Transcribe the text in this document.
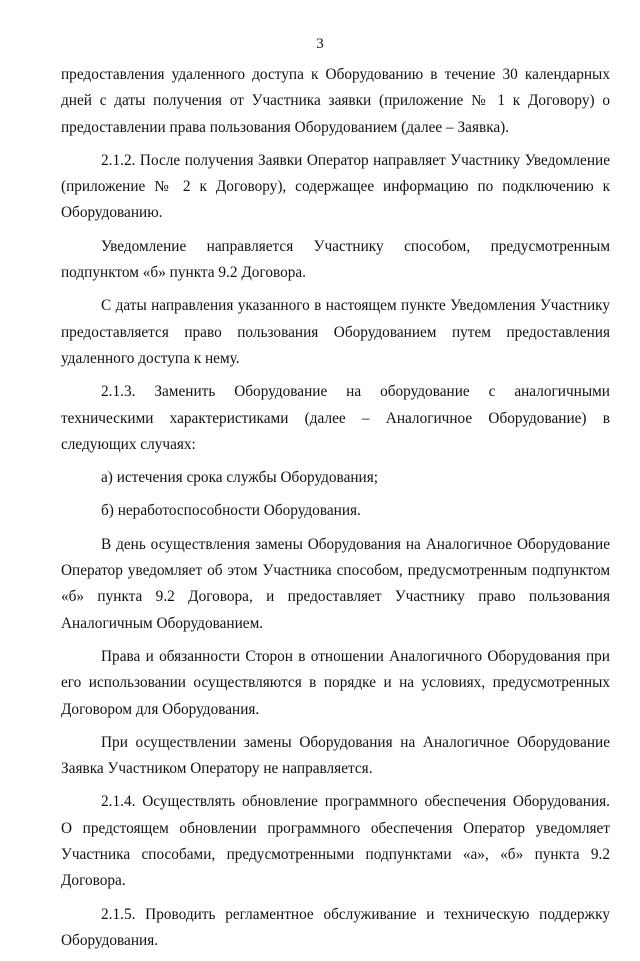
3

предоставления удаленного доступа к Оборудованию в течение 30 календарных дней с даты получения от Участника заявки (приложение № 1 к Договору) о предоставлении права пользования Оборудованием (далее – Заявка).

2.1.2. После получения Заявки Оператор направляет Участнику Уведомление (приложение № 2 к Договору), содержащее информацию по подключению к Оборудованию.

Уведомление направляется Участнику способом, предусмотренным подпунктом «б» пункта 9.2 Договора.

С даты направления указанного в настоящем пункте Уведомления Участнику предоставляется право пользования Оборудованием путем предоставления удаленного доступа к нему.

2.1.3. Заменить Оборудование на оборудование с аналогичными техническими характеристиками (далее – Аналогичное Оборудование) в следующих случаях:

а) истечения срока службы Оборудования;

б) неработоспособности Оборудования.

В день осуществления замены Оборудования на Аналогичное Оборудование Оператор уведомляет об этом Участника способом, предусмотренным подпунктом «б» пункта 9.2 Договора, и предоставляет Участнику право пользования Аналогичным Оборудованием.

Права и обязанности Сторон в отношении Аналогичного Оборудования при его использовании осуществляются в порядке и на условиях, предусмотренных Договором для Оборудования.

При осуществлении замены Оборудования на Аналогичное Оборудование Заявка Участником Оператору не направляется.

2.1.4. Осуществлять обновление программного обеспечения Оборудования. О предстоящем обновлении программного обеспечения Оператор уведомляет Участника способами, предусмотренными подпунктами «а», «б» пункта 9.2 Договора.

2.1.5. Проводить регламентное обслуживание и техническую поддержку Оборудования.
